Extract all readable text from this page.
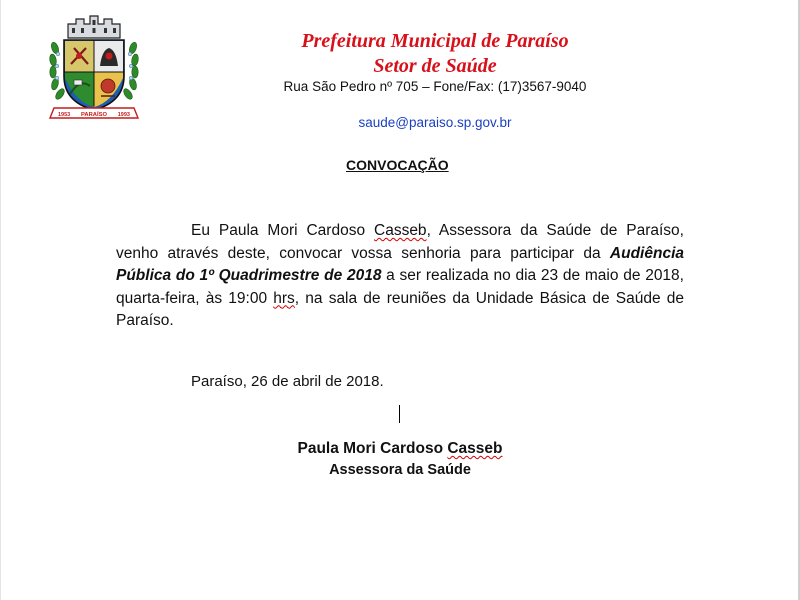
1953 PARAÍSO 1993

Prefeitura Municipal de Paraíso

Setor de Saúde

Rua São Pedro nº 705 – Fone/Fax: (17)3567-9040

saude@paraiso.sp.gov.br

CONVOCAÇÃO

Eu Paula Mori Cardoso Casseb, Assessora da Saúde de Paraíso, venho através deste, convocar vossa senhoria para participar da Audiência Pública do 1º Quadrimestre de 2018 a ser realizada no dia 23 de maio de 2018, quarta-feira, às 19:00 hrs, na sala de reuniões da Unidade Básica de Saúde de Paraíso.

Paraíso, 26 de abril de 2018.

Paula Mori Cardoso Casseb

Assessora da Saúde
